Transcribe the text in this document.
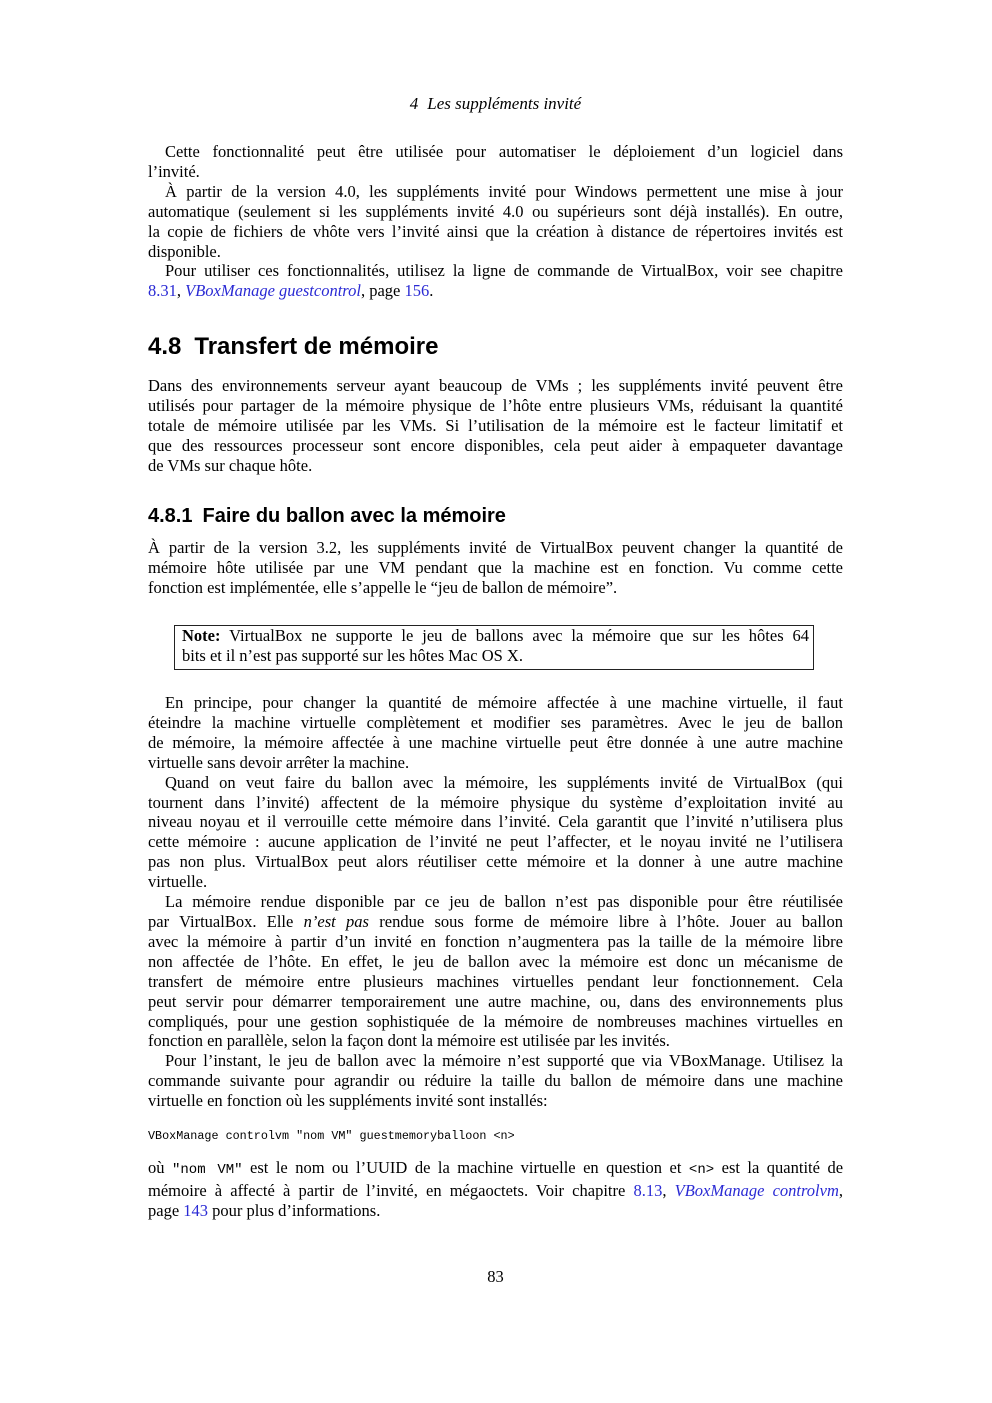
4 Les suppléments invité
Cette fonctionnalité peut être utilisée pour automatiser le déploiement d’un logiciel dans
l’invité.
À partir de la version 4.0, les suppléments invité pour Windows permettent une mise à jour
automatique (seulement si les suppléments invité 4.0 ou supérieurs sont déjà installés). En outre,
la copie de fichiers de vhôte vers l’invité ainsi que la création à distance de répertoires invités est
disponible.
Pour utiliser ces fonctionnalités, utilisez la ligne de commande de VirtualBox, voir see chapitre
8.31, VBoxManage guestcontrol, page 156.
4.8 Transfert de mémoire
Dans des environnements serveur ayant beaucoup de VMs ; les suppléments invité peuvent être
utilisés pour partager de la mémoire physique de l’hôte entre plusieurs VMs, réduisant la quantité
totale de mémoire utilisée par les VMs. Si l’utilisation de la mémoire est le facteur limitatif et
que des ressources processeur sont encore disponibles, cela peut aider à empaqueter davantage
de VMs sur chaque hôte.
4.8.1 Faire du ballon avec la mémoire
À partir de la version 3.2, les suppléments invité de VirtualBox peuvent changer la quantité de
mémoire hôte utilisée par une VM pendant que la machine est en fonction. Vu comme cette
fonction est implémentée, elle s’appelle le “jeu de ballon de mémoire”.
Note: VirtualBox ne supporte le jeu de ballons avec la mémoire que sur les hôtes 64
bits et il n’est pas supporté sur les hôtes Mac OS X.
En principe, pour changer la quantité de mémoire affectée à une machine virtuelle, il faut
éteindre la machine virtuelle complètement et modifier ses paramètres. Avec le jeu de ballon
de mémoire, la mémoire affectée à une machine virtuelle peut être donnée à une autre machine
virtuelle sans devoir arrêter la machine.
Quand on veut faire du ballon avec la mémoire, les suppléments invité de VirtualBox (qui
tournent dans l’invité) affectent de la mémoire physique du système d’exploitation invité au
niveau noyau et il verrouille cette mémoire dans l’invité. Cela garantit que l’invité n’utilisera plus
cette mémoire : aucune application de l’invité ne peut l’affecter, et le noyau invité ne l’utilisera
pas non plus. VirtualBox peut alors réutiliser cette mémoire et la donner à une autre machine
virtuelle.
La mémoire rendue disponible par ce jeu de ballon n’est pas disponible pour être réutilisée
par VirtualBox. Elle n’est pas rendue sous forme de mémoire libre à l’hôte. Jouer au ballon
avec la mémoire à partir d’un invité en fonction n’augmentera pas la taille de la mémoire libre
non affectée de l’hôte. En effet, le jeu de ballon avec la mémoire est donc un mécanisme de
transfert de mémoire entre plusieurs machines virtuelles pendant leur fonctionnement. Cela
peut servir pour démarrer temporairement une autre machine, ou, dans des environnements plus
compliqués, pour une gestion sophistiquée de la mémoire de nombreuses machines virtuelles en
fonction en parallèle, selon la façon dont la mémoire est utilisée par les invités.
Pour l’instant, le jeu de ballon avec la mémoire n’est supporté que via VBoxManage. Utilisez la
commande suivante pour agrandir ou réduire la taille du ballon de mémoire dans une machine
virtuelle en fonction où les suppléments invité sont installés:
VBoxManage controlvm "nom VM" guestmemoryballoon <n>
où "nom VM" est le nom ou l’UUID de la machine virtuelle en question et <n> est la quantité de
mémoire à affecté à partir de l’invité, en mégaoctets. Voir chapitre 8.13, VBoxManage controlvm,
page 143 pour plus d’informations.
83
